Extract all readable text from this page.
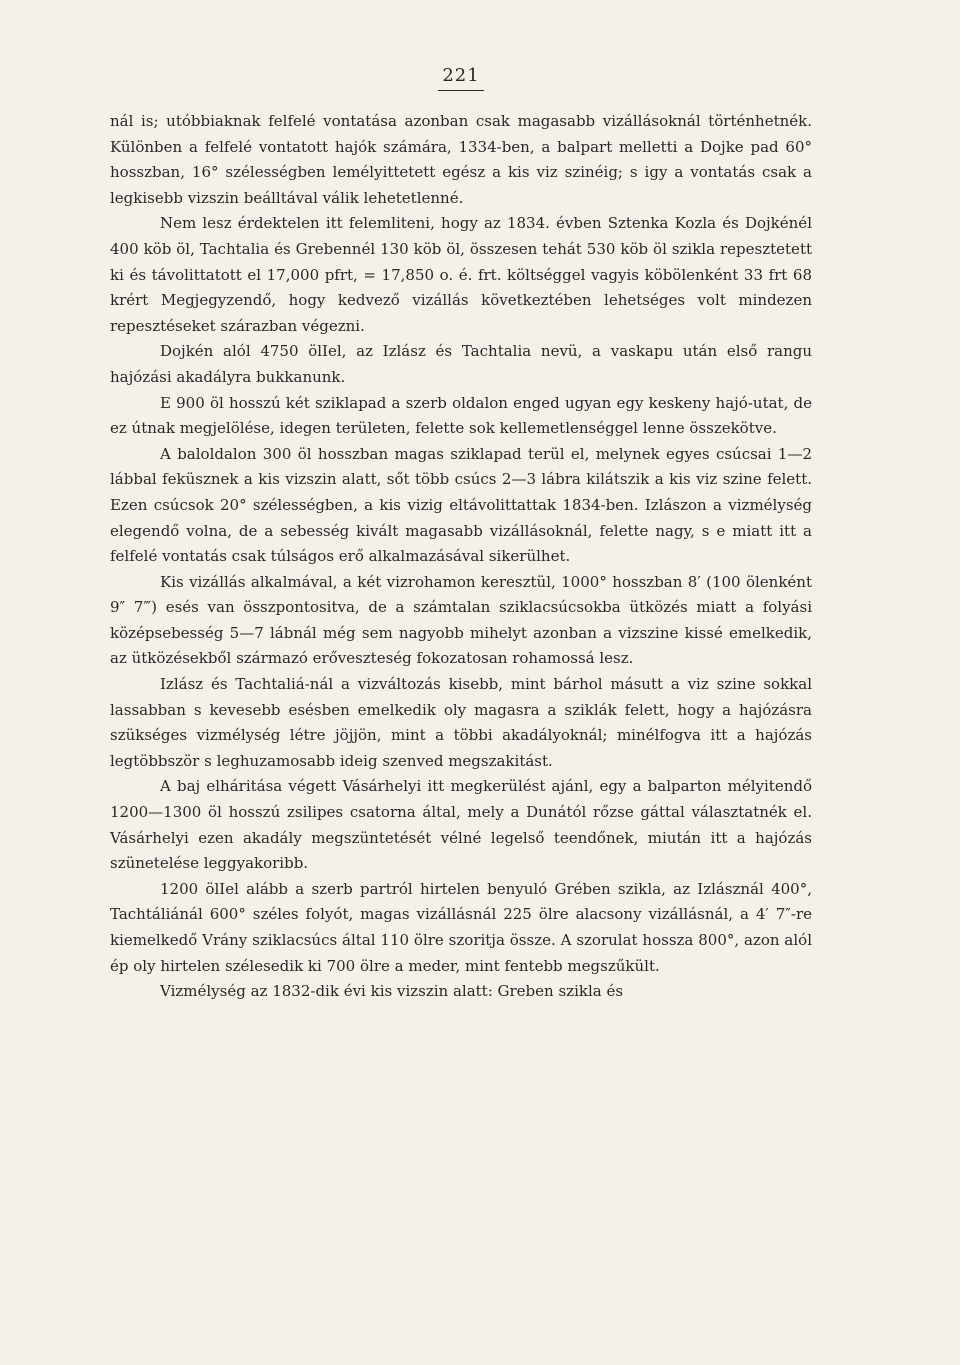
221

nál is; utóbbiaknak felfelé vontatása azonban csak magasabb vizállásoknál történhetnék. Különben a felfelé vontatott hajók számára, 1334-ben, a balpart melletti a Dojke pad 60° hosszban, 16° szélességben lemélyittetett egész a kis viz szinéig; s igy a vontatás csak a legkisebb vizszin beálltával válik lehetetlenné.

Nem lesz érdektelen itt felemliteni, hogy az 1834. évben Sztenka Kozla és Dojkénél 400 köb öl, Tachtalia és Grebennél 130 köb öl, összesen tehát 530 köb öl szikla repesztetett ki és távolittatott el 17,000 pfrt, = 17,850 o. é. frt. költséggel vagyis köbölenként 33 frt 68 krért Megjegyzendő, hogy kedvező vizállás következtében lehetséges volt mindezen repesztéseket szárazban végezni.

Dojkén alól 4750 ölIel, az Izlász és Tachtalia nevü, a vaskapu után első rangu hajózási akadályra bukkanunk.

E 900 öl hosszú két sziklapad a szerb oldalon enged ugyan egy keskeny hajó-utat, de ez útnak megjelölése, idegen területen, felette sok kellemetlenséggel lenne összekötve.

A baloldalon 300 öl hosszban magas sziklapad terül el, melynek egyes csúcsai 1—2 lábbal feküsznek a kis vizszin alatt, sőt több csúcs 2—3 lábra kilátszik a kis viz szine felett. Ezen csúcsok 20° szélességben, a kis vizig eltávolittattak 1834-ben. Izlászon a vizmélység elegendő volna, de a sebesség kivált magasabb vizállásoknál, felette nagy, s e miatt itt a felfelé vontatás csak túlságos erő alkalmazásával sikerülhet.

Kis vizállás alkalmával, a két vizrohamon keresztül, 1000° hosszban 8′ (100 ölenként 9″ 7‴) esés van összpontositva, de a számtalan sziklacsúcsokba ütközés miatt a folyási középsebesség 5—7 lábnál még sem nagyobb mihelyt azonban a vizszine kissé emelkedik, az ütközésekből származó erőveszteség fokozatosan rohamossá lesz.

Izlász és Tachtaliá-nál a vizváltozás kisebb, mint bárhol másutt a viz szine sokkal lassabban s kevesebb esésben emelkedik oly magasra a sziklák felett, hogy a hajózásra szükséges vizmélység létre jöjjön, mint a többi akadályoknál; minélfogva itt a hajózás legtöbbször s leghuzamosabb ideig szenved megszakitást.

A baj elháritása végett Vásárhelyi itt megkerülést ajánl, egy a balparton mélyitendő 1200—1300 öl hosszú zsilipes csatorna által, mely a Dunától rőzse gáttal választatnék el. Vásárhelyi ezen akadály megszüntetését vélné legelső teendőnek, miután itt a hajózás szünetelése leggyakoribb.

1200 ölIel alább a szerb partról hirtelen benyuló Grében szikla, az Izlásznál 400°, Tachtáliánál 600° széles folyót, magas vizállásnál 225 ölre alacsony vizállásnál, a 4′ 7″-re kiemelkedő Vrány sziklacsúcs által 110 ölre szoritja össze. A szorulat hossza 800°, azon alól ép oly hirtelen szélesedik ki 700 ölre a meder, mint fentebb megszűkült.

Vizmélység az 1832-dik évi kis vizszin alatt: Greben szikla és
